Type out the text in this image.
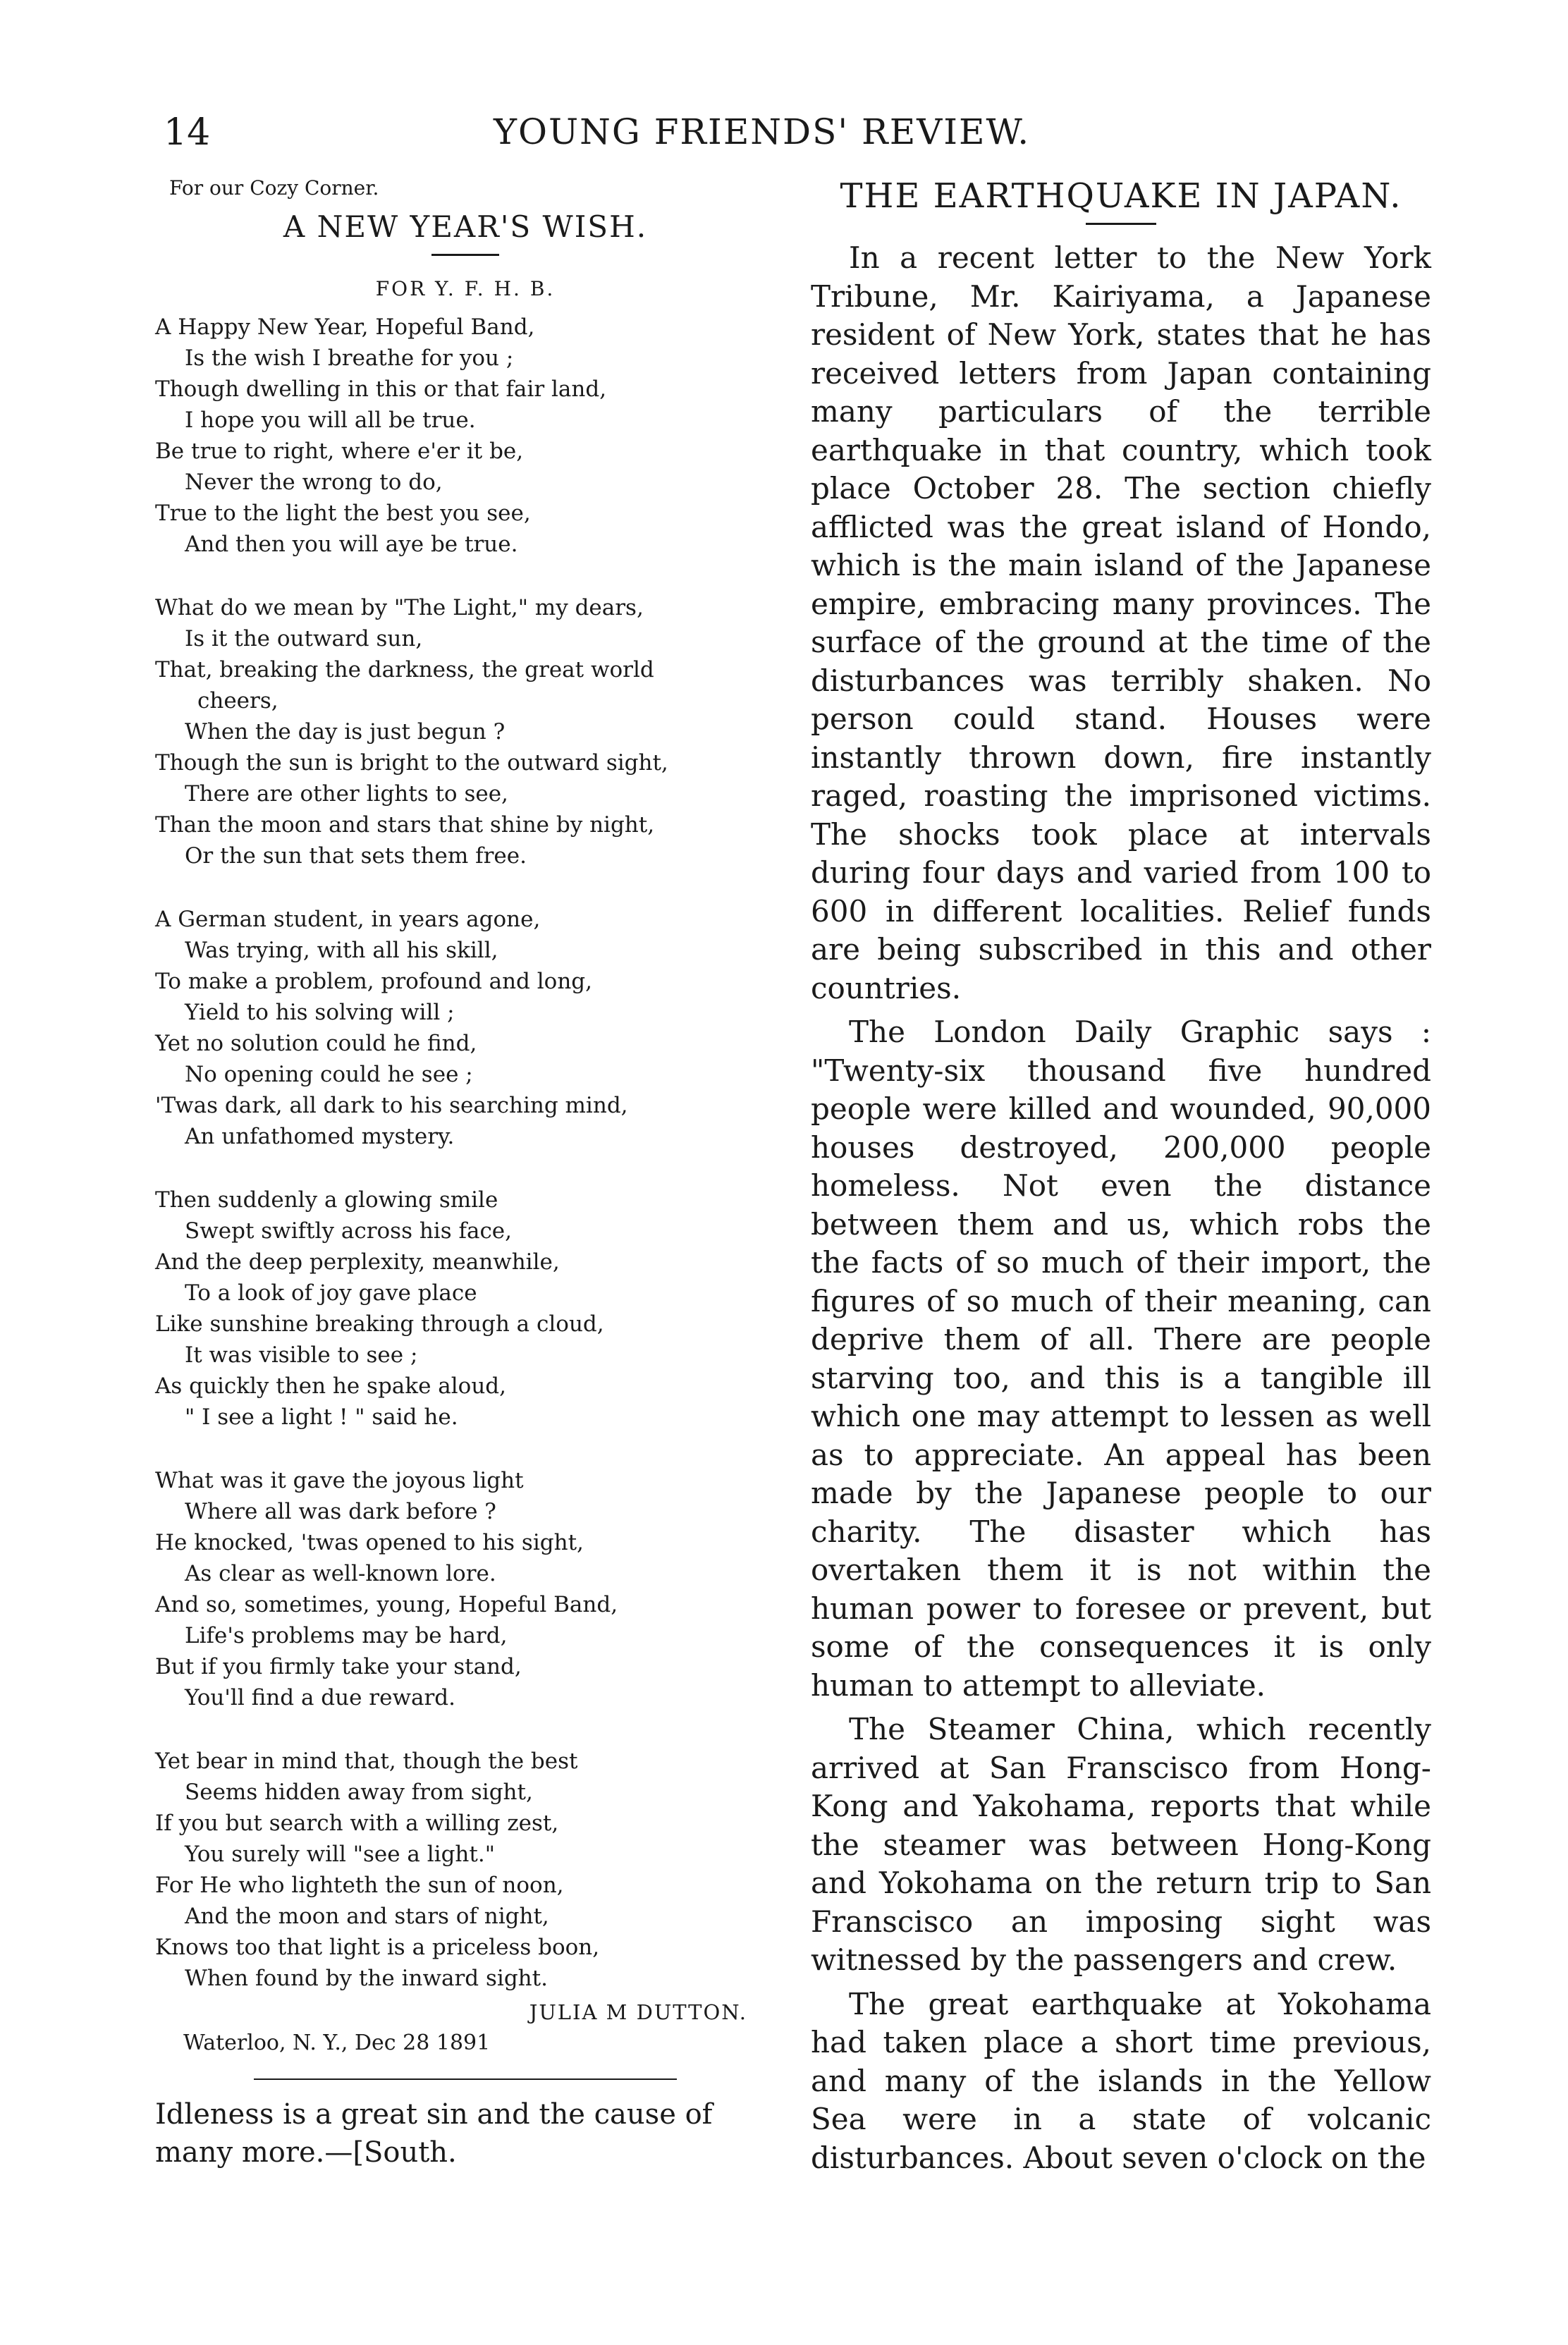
14	YOUNG FRIENDS' REVIEW.
For our Cozy Corner.
A NEW YEAR'S WISH.
FOR Y. F. H. B.
A Happy New Year, Hopeful Band,
Is the wish I breathe for you ;
Though dwelling in this or that fair land,
I hope you will all be true.
Be true to right, where e'er it be,
Never the wrong to do,
True to the light the best you see,
And then you will aye be true.
What do we mean by "The Light," my dears,
Is it the outward sun,
That, breaking the darkness, the great world
cheers,
When the day is just begun ?
Though the sun is bright to the outward sight,
There are other lights to see,
Than the moon and stars that shine by night,
Or the sun that sets them free.
A German student, in years agone,
Was trying, with all his skill,
To make a problem, profound and long,
Yield to his solving will ;
Yet no solution could he find,
No opening could he see ;
'Twas dark, all dark to his searching mind,
An unfathomed mystery.
Then suddenly a glowing smile
Swept swiftly across his face,
And the deep perplexity, meanwhile,
To a look of joy gave place
Like sunshine breaking through a cloud,
It was visible to see ;
As quickly then he spake aloud,
" I see a light ! " said he.
What was it gave the joyous light
Where all was dark before ?
He knocked, 'twas opened to his sight,
As clear as well-known lore.
And so, sometimes, young, Hopeful Band,
Life's problems may be hard,
But if you firmly take your stand,
You'll find a due reward.
Yet bear in mind that, though the best
Seems hidden away from sight,
If you but search with a willing zest,
You surely will "see a light."
For He who lighteth the sun of noon,
And the moon and stars of night,
Knows too that light is a priceless boon,
When found by the inward sight.
JULIA M DUTTON.
Waterloo, N. Y., Dec 28 1891
Idleness is a great sin and the cause of many more.—[South.
THE EARTHQUAKE IN JAPAN.

In a recent letter to the New York Tribune, Mr. Kairiyama, a Japanese resident of New York, states that he has received letters from Japan containing many particulars of the terrible earthquake in that country, which took place October 28. The section chiefly afflicted was the great island of Hondo, which is the main island of the Japanese empire, embracing many provinces. The surface of the ground at the time of the disturbances was terribly shaken. No person could stand. Houses were instantly thrown down, fire instantly raged, roasting the imprisoned victims. The shocks took place at intervals during four days and varied from 100 to 600 in different localities. Relief funds are being subscribed in this and other countries.

The London Daily Graphic says : "Twenty-six thousand five hundred people were killed and wounded, 90,000 houses destroyed, 200,000 people homeless. Not even the distance between them and us, which robs the the facts of so much of their import, the figures of so much of their meaning, can deprive them of all. There are people starving too, and this is a tangible ill which one may attempt to lessen as well as to appreciate. An appeal has been made by the Japanese people to our charity. The disaster which has overtaken them it is not within the human power to foresee or prevent, but some of the consequences it is only human to attempt to alleviate.

The Steamer China, which recently arrived at San Franscisco from Hong-Kong and Yakohama, reports that while the steamer was between Hong-Kong and Yokohama on the return trip to San Franscisco an imposing sight was witnessed by the passengers and crew.

The great earthquake at Yokohama had taken place a short time previous, and many of the islands in the Yellow Sea were in a state of volcanic disturbances. About seven o'clock on the
